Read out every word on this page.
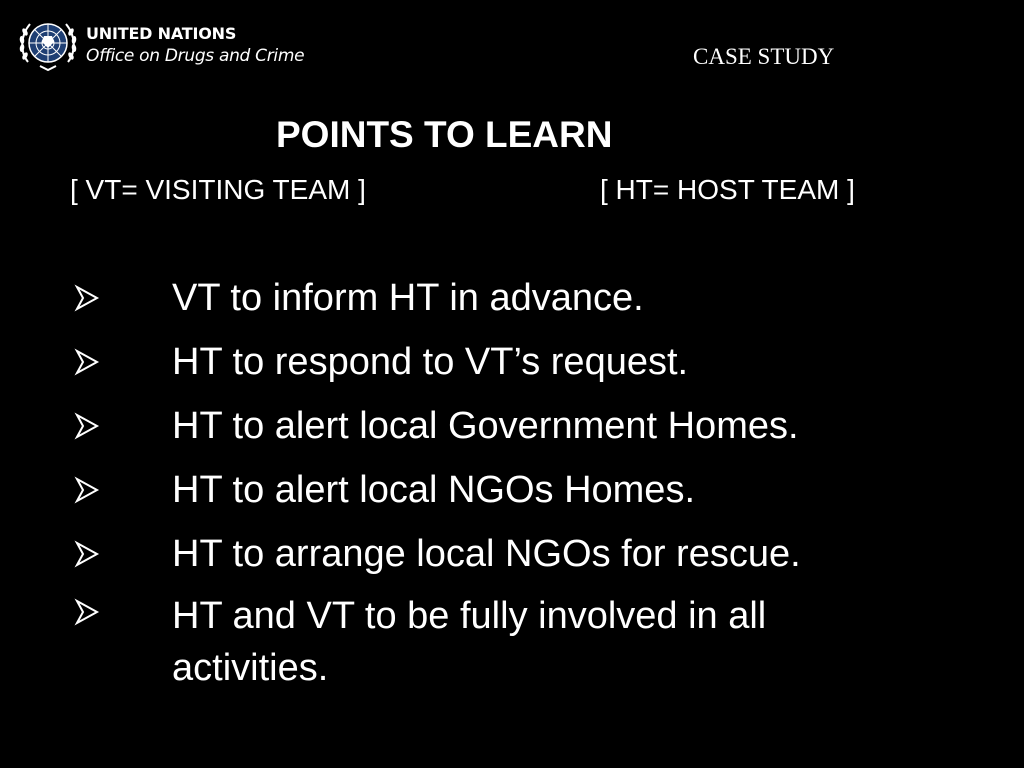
UNITED NATIONS
Office on Drugs and Crime	CASE STUDY
POINTS TO LEARN
[ VT= VISITING TEAM ]	[ HT= HOST TEAM ]
VT to inform HT in advance.
HT to respond to VT’s request.
HT to alert local Government Homes.
HT to alert local NGOs Homes.
HT to arrange local NGOs for rescue.
HT and VT to be fully involved in all activities.
